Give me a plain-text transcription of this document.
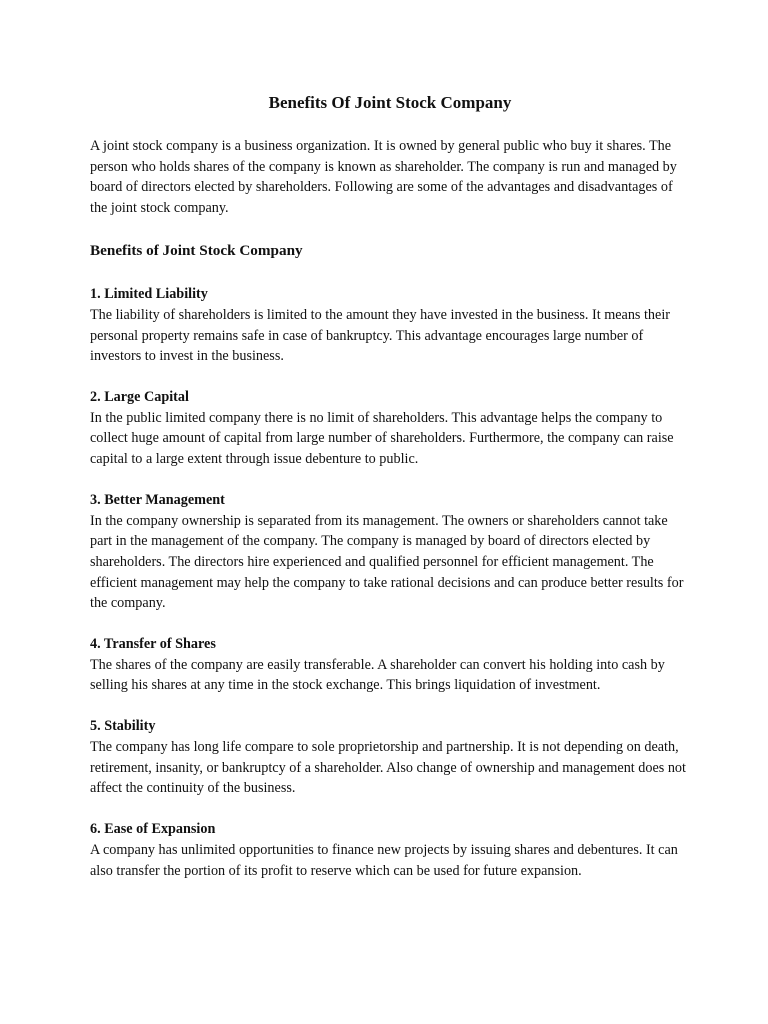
Benefits Of Joint Stock Company

A joint stock company is a business organization. It is owned by general public who buy it shares. The person who holds shares of the company is known as shareholder. The company is run and managed by board of directors elected by shareholders. Following are some of the advantages and disadvantages of the joint stock company.

Benefits of Joint Stock Company
1. Limited Liability
The liability of shareholders is limited to the amount they have invested in the business. It means their personal property remains safe in case of bankruptcy. This advantage encourages large number of investors to invest in the business.
2. Large Capital
In the public limited company there is no limit of shareholders. This advantage helps the company to collect huge amount of capital from large number of shareholders. Furthermore, the company can raise capital to a large extent through issue debenture to public.
3. Better Management
In the company ownership is separated from its management. The owners or shareholders cannot take part in the management of the company. The company is managed by board of directors elected by shareholders. The directors hire experienced and qualified personnel for efficient management. The efficient management may help the company to take rational decisions and can produce better results for the company.
4. Transfer of Shares
The shares of the company are easily transferable. A shareholder can convert his holding into cash by selling his shares at any time in the stock exchange. This brings liquidation of investment.
5. Stability
The company has long life compare to sole proprietorship and partnership. It is not depending on death, retirement, insanity, or bankruptcy of a shareholder. Also change of ownership and management does not affect the continuity of the business.
6. Ease of Expansion
A company has unlimited opportunities to finance new projects by issuing shares and debentures. It can also transfer the portion of its profit to reserve which can be used for future expansion.
